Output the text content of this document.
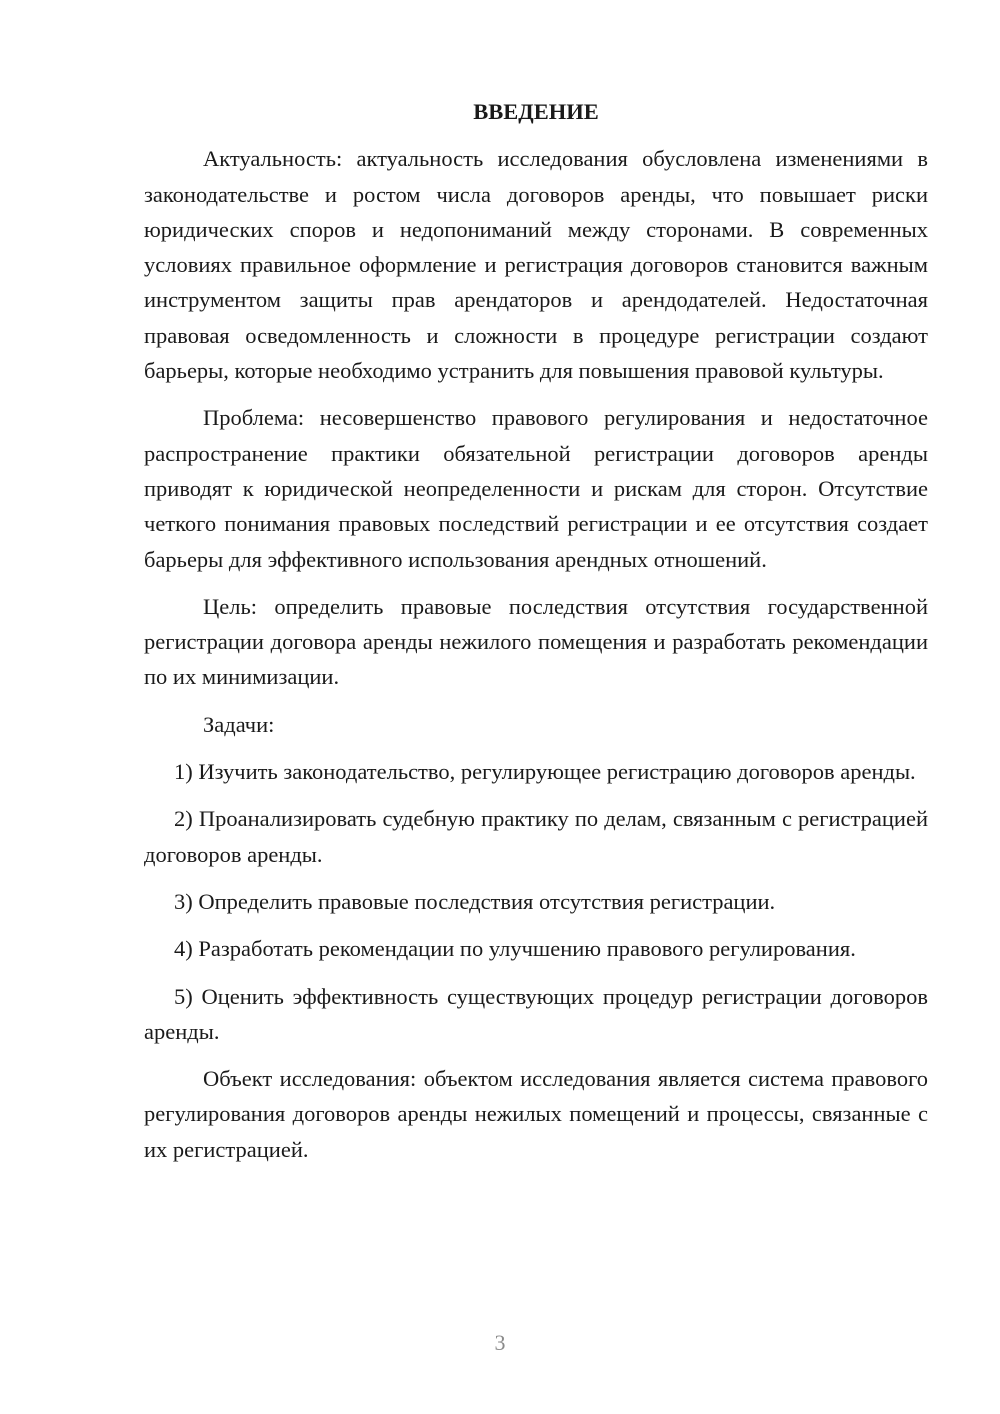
ВВЕДЕНИЕ

Актуальность: актуальность исследования обусловлена изменениями в законодательстве и ростом числа договоров аренды, что повышает риски юридических споров и недопониманий между сторонами. В современных условиях правильное оформление и регистрация договоров становится важным инструментом защиты прав арендаторов и арендодателей. Недостаточная правовая осведомленность и сложности в процедуре регистрации создают барьеры, которые необходимо устранить для повышения правовой культуры.

Проблема: несовершенство правового регулирования и недостаточное распространение практики обязательной регистрации договоров аренды приводят к юридической неопределенности и рискам для сторон. Отсутствие четкого понимания правовых последствий регистрации и ее отсутствия создает барьеры для эффективного использования арендных отношений.

Цель: определить правовые последствия отсутствия государственной регистрации договора аренды нежилого помещения и разработать рекомендации по их минимизации.

Задачи:

1) Изучить законодательство, регулирующее регистрацию договоров аренды.

2) Проанализировать судебную практику по делам, связанным с регистрацией договоров аренды.

3) Определить правовые последствия отсутствия регистрации.

4) Разработать рекомендации по улучшению правового регулирования.

5) Оценить эффективность существующих процедур регистрации договоров аренды.

Объект исследования: объектом исследования является система правового регулирования договоров аренды нежилых помещений и процессы, связанные с их регистрацией.

3
